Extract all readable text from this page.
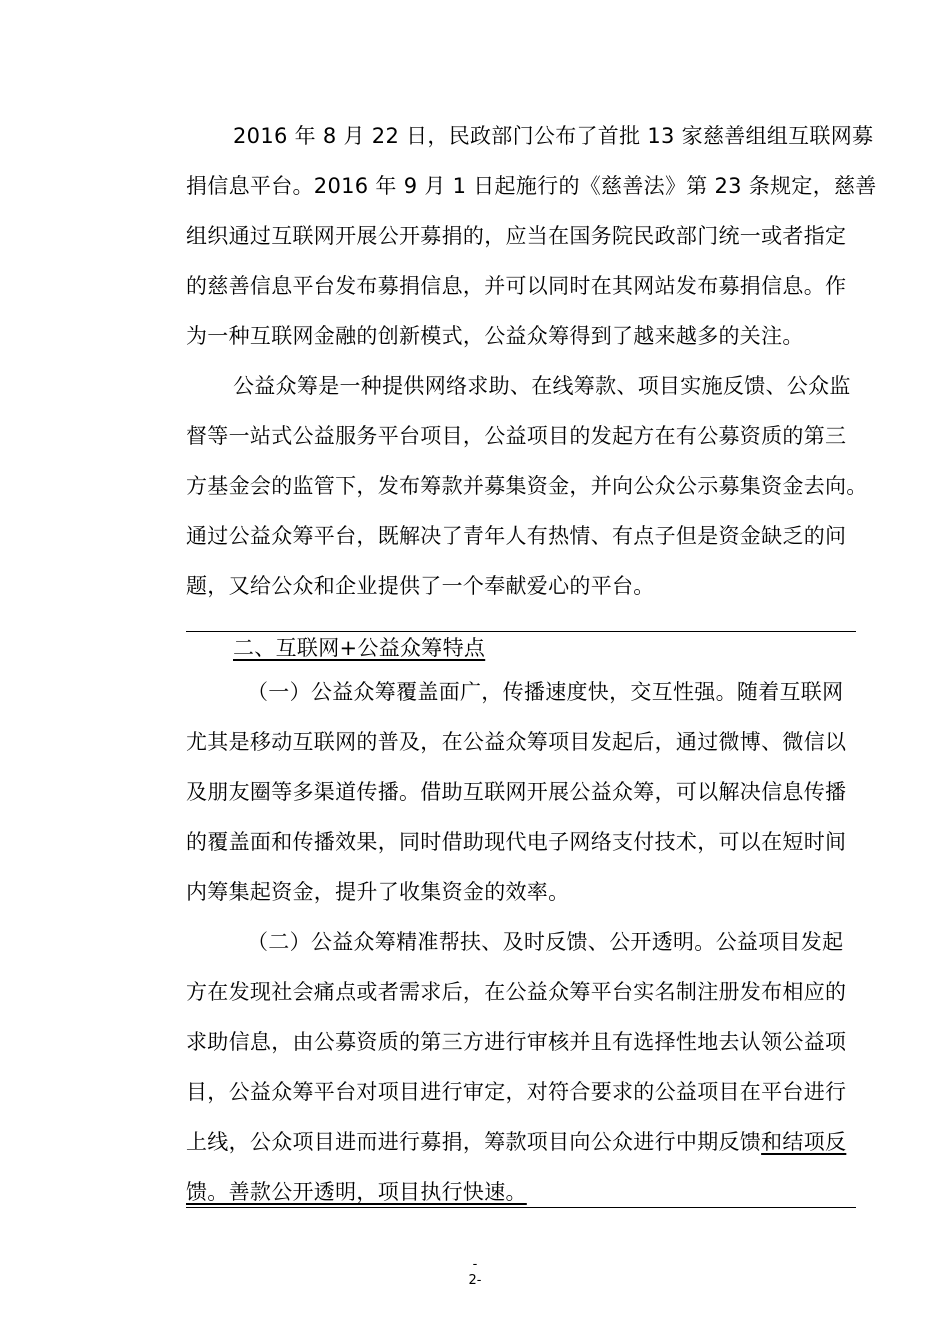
2016 年 8 月 22 日，民政部门公布了首批 13 家慈善组组互联网募
捐信息平台。2016 年 9 月 1 日起施行的《慈善法》第 23 条规定，慈善
组织通过互联网开展公开募捐的，应当在国务院民政部门统一或者指定
的慈善信息平台发布募捐信息，并可以同时在其网站发布募捐信息。作
为一种互联网金融的创新模式，公益众筹得到了越来越多的关注。
公益众筹是一种提供网络求助、在线筹款、项目实施反馈、公众监
督等一站式公益服务平台项目，公益项目的发起方在有公募资质的第三
方基金会的监管下，发布筹款并募集资金，并向公众公示募集资金去向。
通过公益众筹平台，既解决了青年人有热情、有点子但是资金缺乏的问
题，又给公众和企业提供了一个奉献爱心的平台。
二、互联网+公益众筹特点
（一）公益众筹覆盖面广，传播速度快，交互性强。随着互联网
尤其是移动互联网的普及，在公益众筹项目发起后，通过微博、微信以
及朋友圈等多渠道传播。借助互联网开展公益众筹，可以解决信息传播
的覆盖面和传播效果，同时借助现代电子网络支付技术，可以在短时间
内筹集起资金，提升了收集资金的效率。
（二）公益众筹精准帮扶、及时反馈、公开透明。公益项目发起
方在发现社会痛点或者需求后，在公益众筹平台实名制注册发布相应的
求助信息，由公募资质的第三方进行审核并且有选择性地去认领公益项
目，公益众筹平台对项目进行审定，对符合要求的公益项目在平台进行
上线，公众项目进而进行募捐，筹款项目向公众进行中期反馈和结项反
馈。善款公开透明，项目执行快速。
-
2-
